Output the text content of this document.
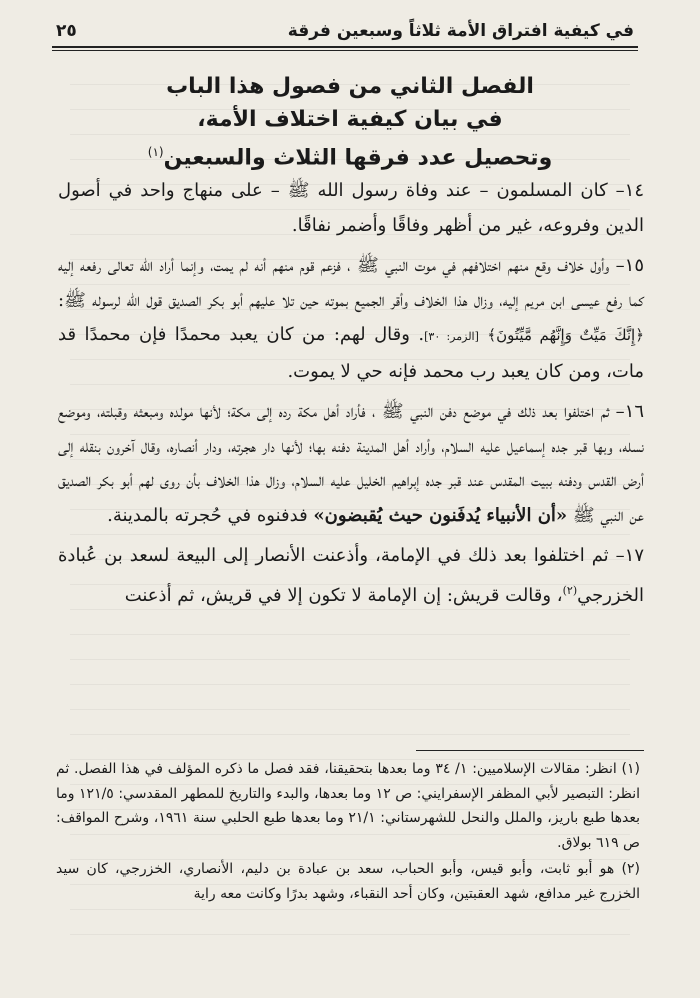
في كيفية افتراق الأمة ثلاثاً وسبعين فرقة
٢٥
الفصل الثاني من فصول هذا الباب
في بيان كيفية اختلاف الأمة،
وتحصيل عدد فرقها الثلاث والسبعين$^{(١)}$

١٤– كان المسلمون – عند وفاة رسول الله ﷺ – على منهاج واحد في أصول الدين وفروعه، غير من أظهر وفاقًا وأضمر نفاقًا.

١٥– وأول خلاف وقع منهم اختلافهم في موت النبي ﷺ ، فزعم قوم منهم أنه لم يمت، وإنما أراد الله تعالى رفعه إليه كما رفع عيسى ابن مريم إليه، وزال هذا الخلاف وأقر الجميع بموته حين تلا عليهم أبو بكر الصديق قول الله لرسوله ﷺ: ﴿إِنَّكَ مَيِّتٌ وَإِنَّهُم مَّيِّتُونَ﴾ [الزمر: ٣٠]. وقال لهم: من كان يعبد محمدًا فإن محمدًا قد مات، ومن كان يعبد رب محمد فإنه حي لا يموت.

١٦– ثم اختلفوا بعد ذلك في موضع دفن النبي ﷺ ، فأراد أهل مكة رده إلى مكة؛ لأنها مولده ومبعثه وقبلته، وموضع نسله، وبها قبر جده إسماعيل عليه السلام، وأراد أهل المدينة دفنه بها؛ لأنها دار هجرته، ودار أنصاره، وقال آخرون بنقله إلى أرض القدس ودفنه ببيت المقدس عند قبر جده إبراهيم الخليل عليه السلام، وزال هذا الخلاف بأن روى لهم أبو بكر الصديق عن النبي ﷺ «أن الأنبياء يُدفَنون حيث يُقبضون» فدفنوه في حُجرته بالمدينة.

١٧– ثم اختلفوا بعد ذلك في الإمامة، وأذعنت الأنصار إلى البيعة لسعد بن عُبادة الخزرجي$^{(٢)}$، وقالت قريش: إن الإمامة لا تكون إلا في قريش، ثم أذعنت

(١) انظر: مقالات الإسلاميين: ١/ ٣٤ وما بعدها بتحقيقنا، فقد فصل ما ذكره المؤلف في هذا الفصل. ثم انظر: التبصير لأبي المظفر الإسفرايني: ص ١٢ وما بعدها، والبدء والتاريخ للمطهر المقدسي: ١٢١/٥ وما بعدها طبع باريز، والملل والنحل للشهرستاني: ٢١/١ وما بعدها طبع الحلبي سنة ١٩٦١، وشرح المواقف: ص ٦١٩ بولاق.

(٢) هو أبو ثابت، وأبو قيس، وأبو الحباب، سعد بن عبادة بن دليم، الأنصاري، الخزرجي، كان سيد الخزرج غير مدافع، شهد العقبتين، وكان أحد النقباء، وشهد بدرًا وكانت معه راية
